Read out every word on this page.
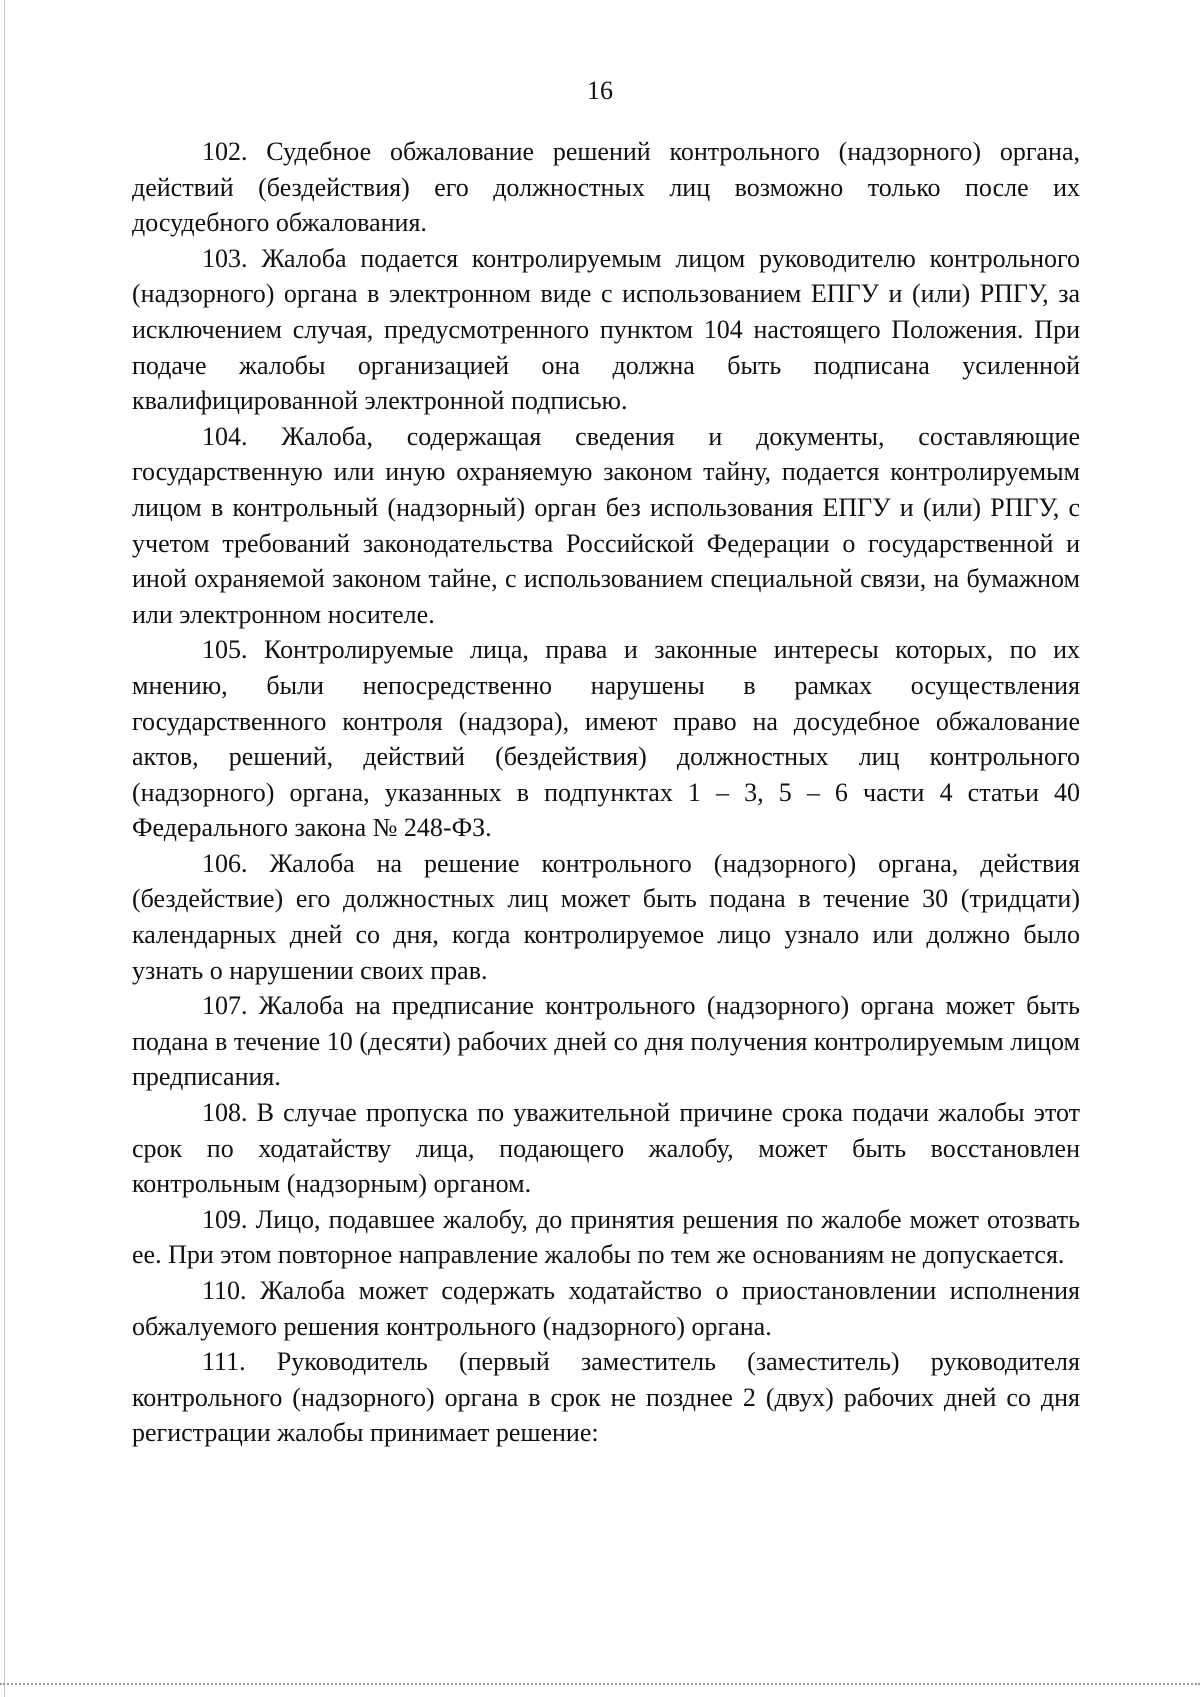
16

102. Судебное обжалование решений контрольного (надзорного) органа, действий (бездействия) его должностных лиц возможно только после их досудебного обжалования.

103. Жалоба подается контролируемым лицом руководителю контрольного (надзорного) органа в электронном виде с использованием ЕПГУ и (или) РПГУ, за исключением случая, предусмотренного пунктом 104 настоящего Положения. При подаче жалобы организацией она должна быть подписана усиленной квалифицированной электронной подписью.

104. Жалоба, содержащая сведения и документы, составляющие государственную или иную охраняемую законом тайну, подается контролируемым лицом в контрольный (надзорный) орган без использования ЕПГУ и (или) РПГУ, с учетом требований законодательства Российской Федерации о государственной и иной охраняемой законом тайне, с использованием специальной связи, на бумажном или электронном носителе.

105. Контролируемые лица, права и законные интересы которых, по их мнению, были непосредственно нарушены в рамках осуществления государственного контроля (надзора), имеют право на досудебное обжалование актов, решений, действий (бездействия) должностных лиц контрольного (надзорного) органа, указанных в подпунктах 1 – 3, 5 – 6 части 4 статьи 40 Федерального закона № 248-ФЗ.

106. Жалоба на решение контрольного (надзорного) органа, действия (бездействие) его должностных лиц может быть подана в течение 30 (тридцати) календарных дней со дня, когда контролируемое лицо узнало или должно было узнать о нарушении своих прав.

107. Жалоба на предписание контрольного (надзорного) органа может быть подана в течение 10 (десяти) рабочих дней со дня получения контролируемым лицом предписания.

108. В случае пропуска по уважительной причине срока подачи жалобы этот срок по ходатайству лица, подающего жалобу, может быть восстановлен контрольным (надзорным) органом.

109. Лицо, подавшее жалобу, до принятия решения по жалобе может отозвать ее. При этом повторное направление жалобы по тем же основаниям не допускается.

110. Жалоба может содержать ходатайство о приостановлении исполнения обжалуемого решения контрольного (надзорного) органа.

111. Руководитель (первый заместитель (заместитель) руководителя контрольного (надзорного) органа в срок не позднее 2 (двух) рабочих дней со дня регистрации жалобы принимает решение:
